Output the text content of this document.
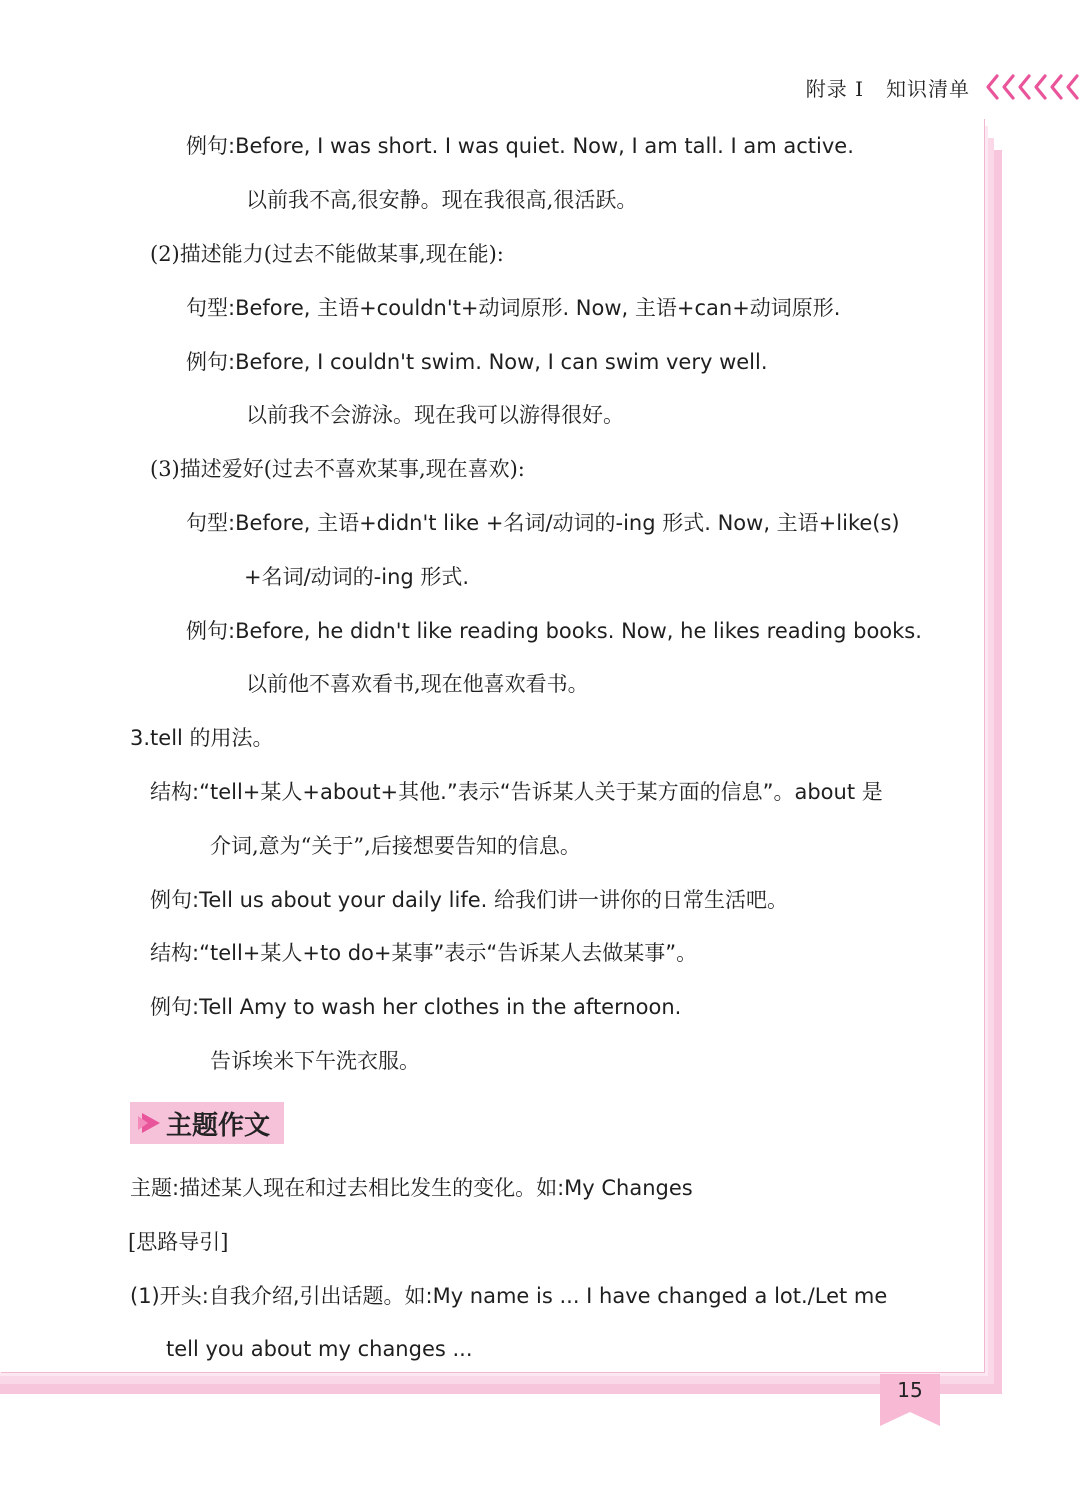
附录 I 知识清单
例句:Before, I was short. I was quiet. Now, I am tall. I am active.
以前我不高,很安静。现在我很高,很活跃。
(2)描述能力(过去不能做某事,现在能):
句型:Before, 主语+couldn't+动词原形. Now, 主语+can+动词原形.
例句:Before, I couldn't swim. Now, I can swim very well.
以前我不会游泳。现在我可以游得很好。
(3)描述爱好(过去不喜欢某事,现在喜欢):
句型:Before, 主语+didn't like +名词/动词的-ing 形式. Now, 主语+like(s)
+名词/动词的-ing 形式.
例句:Before, he didn't like reading books. Now, he likes reading books.
以前他不喜欢看书,现在他喜欢看书。
3.tell 的用法。
结构:“tell+某人+about+其他.”表示“告诉某人关于某方面的信息”。about 是
介词,意为“关于”,后接想要告知的信息。
例句:Tell us about your daily life. 给我们讲一讲你的日常生活吧。
结构:“tell+某人+to do+某事”表示“告诉某人去做某事”。
例句:Tell Amy to wash her clothes in the afternoon.
告诉埃米下午洗衣服。
主题作文
主题:描述某人现在和过去相比发生的变化。如:My Changes
[思路导引]
(1)开头:自我介绍,引出话题。如:My name is ... I have changed a lot./Let me
tell you about my changes ...
15
